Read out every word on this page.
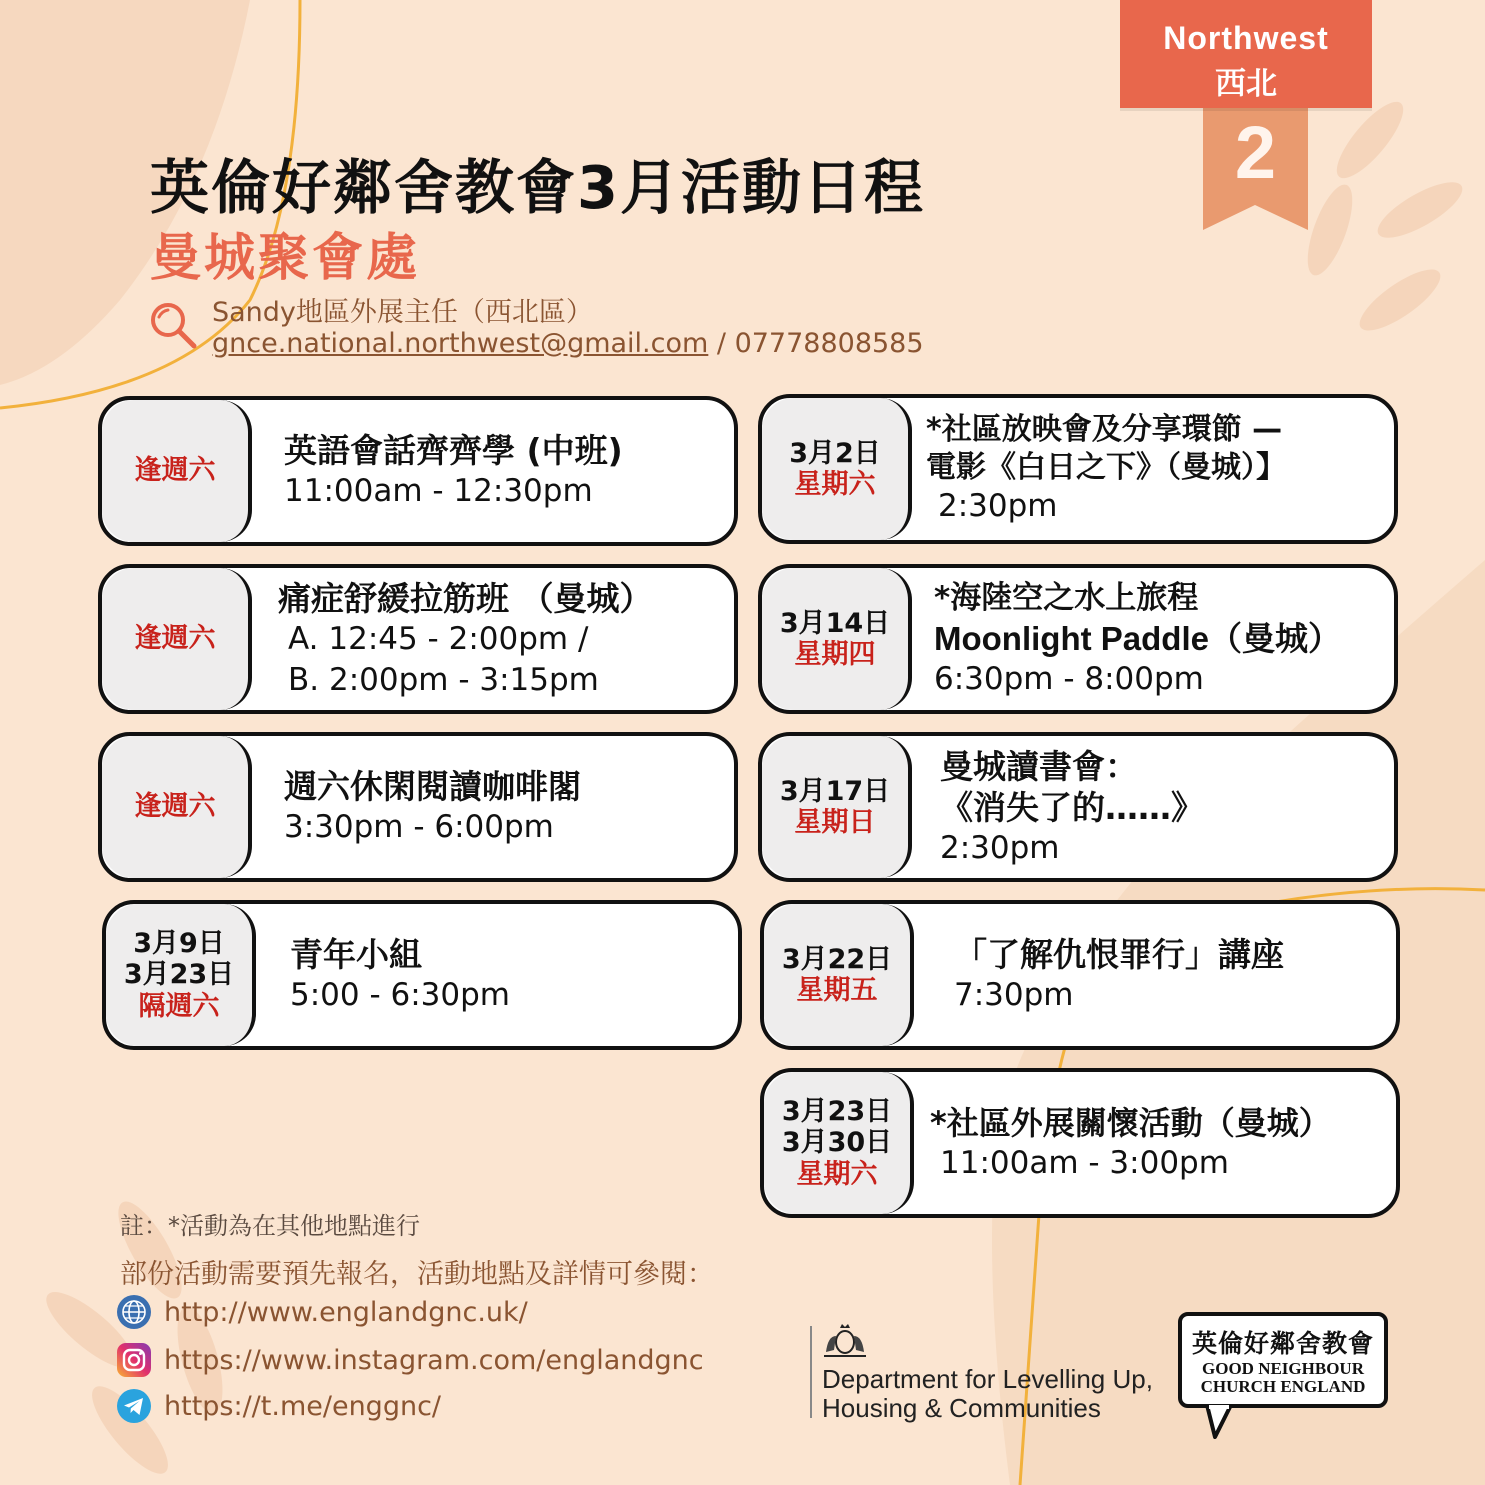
Northwest
西北
2
英倫好鄰舍教會3月活動日程
曼城聚會處
Sandy地區外展主任（西北區）
gnce.national.northwest@gmail.com / 07778808585
逢週六
英語會話齊齊學 (中班)
11:00am - 12:30pm
逢週六
痛症舒緩拉筋班 （曼城）
A. 12:45 - 2:00pm /
B. 2:00pm - 3:15pm
逢週六
週六休閑閱讀咖啡閣
3:30pm - 6:00pm
3月9日
3月23日
隔週六
青年小組
5:00 - 6:30pm
3月2日
星期六
*社區放映會及分享環節 —
電影《白日之下》（曼城）】
2:30pm
3月14日
星期四
*海陸空之水上旅程
Moonlight Paddle（曼城）
6:30pm - 8:00pm
3月17日
星期日
曼城讀書會：
《消失了的……》
2:30pm
3月22日
星期五
「了解仇恨罪行」講座
7:30pm
3月23日
3月30日
星期六
*社區外展關懷活動（曼城）
11:00am - 3:00pm
註：*活動為在其他地點進行
部份活動需要預先報名，活動地點及詳情可參閱：
http://www.englandgnc.uk/
https://www.instagram.com/englandgnc
https://t.me/enggnc/
Department for Levelling Up,
Housing & Communities
英倫好鄰舍教會
GOOD NEIGHBOUR
CHURCH ENGLAND
